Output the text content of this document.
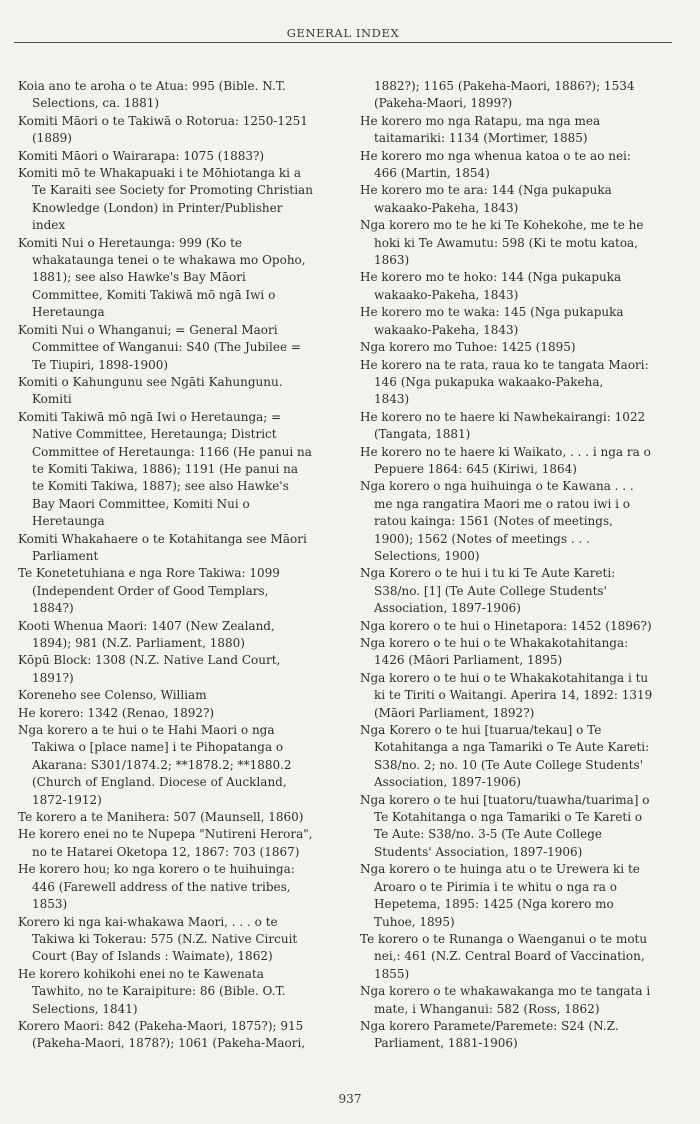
GENERAL INDEX
Koia ano te aroha o te Atua: 995 (Bible. N.T.
Selections, ca. 1881)
Komiti Māori o te Takiwā o Rotorua: 1250-1251
(1889)
Komiti Māori o Wairarapa: 1075 (1883?)
Komiti mō te Whakapuaki i te Mōhiotanga ki a
Te Karaiti see Society for Promoting Christian
Knowledge (London) in Printer/Publisher
index
Komiti Nui o Heretaunga: 999 (Ko te
whakataunga tenei o te whakawa mo Opoho,
1881); see also Hawke's Bay Māori
Committee, Komiti Takiwā mō ngā Iwi o
Heretaunga
Komiti Nui o Whanganui; = General Maori
Committee of Wanganui: S40 (The Jubilee =
Te Tiupiri, 1898-1900)
Komiti o Kahungunu see Ngāti Kahungunu.
Komiti
Komiti Takiwā mō ngā Iwi o Heretaunga; =
Native Committee, Heretaunga; District
Committee of Heretaunga: 1166 (He panui na
te Komiti Takiwa, 1886); 1191 (He panui na
te Komiti Takiwa, 1887); see also Hawke's
Bay Maori Committee, Komiti Nui o
Heretaunga
Komiti Whakahaere o te Kotahitanga see Māori
Parliament
Te Konetetuhiana e nga Rore Takiwa: 1099
(Independent Order of Good Templars,
1884?)
Kooti Whenua Maori: 1407 (New Zealand,
1894); 981 (N.Z. Parliament, 1880)
Kōpū Block: 1308 (N.Z. Native Land Court,
1891?)
Koreneho see Colenso, William
He korero: 1342 (Renao, 1892?)
Nga korero a te hui o te Hahi Maori o nga
Takiwa o [place name] i te Pihopatanga o
Akarana: S301/1874.2; **1878.2; **1880.2
(Church of England. Diocese of Auckland,
1872-1912)
Te korero a te Manihera: 507 (Maunsell, 1860)
He korero enei no te Nupepa "Nutireni Herora",
no te Hatarei Oketopa 12, 1867: 703 (1867)
He korero hou; ko nga korero o te huihuinga:
446 (Farewell address of the native tribes,
1853)
Korero ki nga kai-whakawa Maori, . . . o te
Takiwa ki Tokerau: 575 (N.Z. Native Circuit
Court (Bay of Islands : Waimate), 1862)
He korero kohikohi enei no te Kawenata
Tawhito, no te Karaipiture: 86 (Bible. O.T.
Selections, 1841)
Korero Maori: 842 (Pakeha-Maori, 1875?); 915
(Pakeha-Maori, 1878?); 1061 (Pakeha-Maori,
1882?); 1165 (Pakeha-Maori, 1886?); 1534
(Pakeha-Maori, 1899?)
He korero mo nga Ratapu, ma nga mea
taitamariki: 1134 (Mortimer, 1885)
He korero mo nga whenua katoa o te ao nei:
466 (Martin, 1854)
He korero mo te ara: 144 (Nga pukapuka
wakaako-Pakeha, 1843)
Nga korero mo te he ki Te Kohekohe, me te he
hoki ki Te Awamutu: 598 (Ki te motu katoa,
1863)
He korero mo te hoko: 144 (Nga pukapuka
wakaako-Pakeha, 1843)
He korero mo te waka: 145 (Nga pukapuka
wakaako-Pakeha, 1843)
Nga korero mo Tuhoe: 1425 (1895)
He korero na te rata, raua ko te tangata Maori:
146 (Nga pukapuka wakaako-Pakeha,
1843)
He korero no te haere ki Nawhekairangi: 1022
(Tangata, 1881)
He korero no te haere ki Waikato, . . . i nga ra o
Pepuere 1864: 645 (Kiriwi, 1864)
Nga korero o nga huihuinga o te Kawana . . .
me nga rangatira Maori me o ratou iwi i o
ratou kainga: 1561 (Notes of meetings,
1900); 1562 (Notes of meetings . . .
Selections, 1900)
Nga Korero o te hui i tu ki Te Aute Kareti:
S38/no. [1] (Te Aute College Students'
Association, 1897-1906)
Nga korero o te hui o Hinetapora: 1452 (1896?)
Nga korero o te hui o te Whakakotahitanga:
1426 (Māori Parliament, 1895)
Nga korero o te hui o te Whakakotahitanga i tu
ki te Tiriti o Waitangi. Aperira 14, 1892: 1319
(Māori Parliament, 1892?)
Nga Korero o te hui [tuarua/tekau] o Te
Kotahitanga a nga Tamariki o Te Aute Kareti:
S38/no. 2; no. 10 (Te Aute College Students'
Association, 1897-1906)
Nga korero o te hui [tuatoru/tuawha/tuarima] o
Te Kotahitanga o nga Tamariki o Te Kareti o
Te Aute: S38/no. 3-5 (Te Aute College
Students' Association, 1897-1906)
Nga korero o te huinga atu o te Urewera ki te
Aroaro o te Pirimia i te whitu o nga ra o
Hepetema, 1895: 1425 (Nga korero mo
Tuhoe, 1895)
Te korero o te Runanga o Waenganui o te motu
nei,: 461 (N.Z. Central Board of Vaccination,
1855)
Nga korero o te whakawakanga mo te tangata i
mate, i Whanganui: 582 (Ross, 1862)
Nga korero Paramete/Paremete: S24 (N.Z.
Parliament, 1881-1906)
937
